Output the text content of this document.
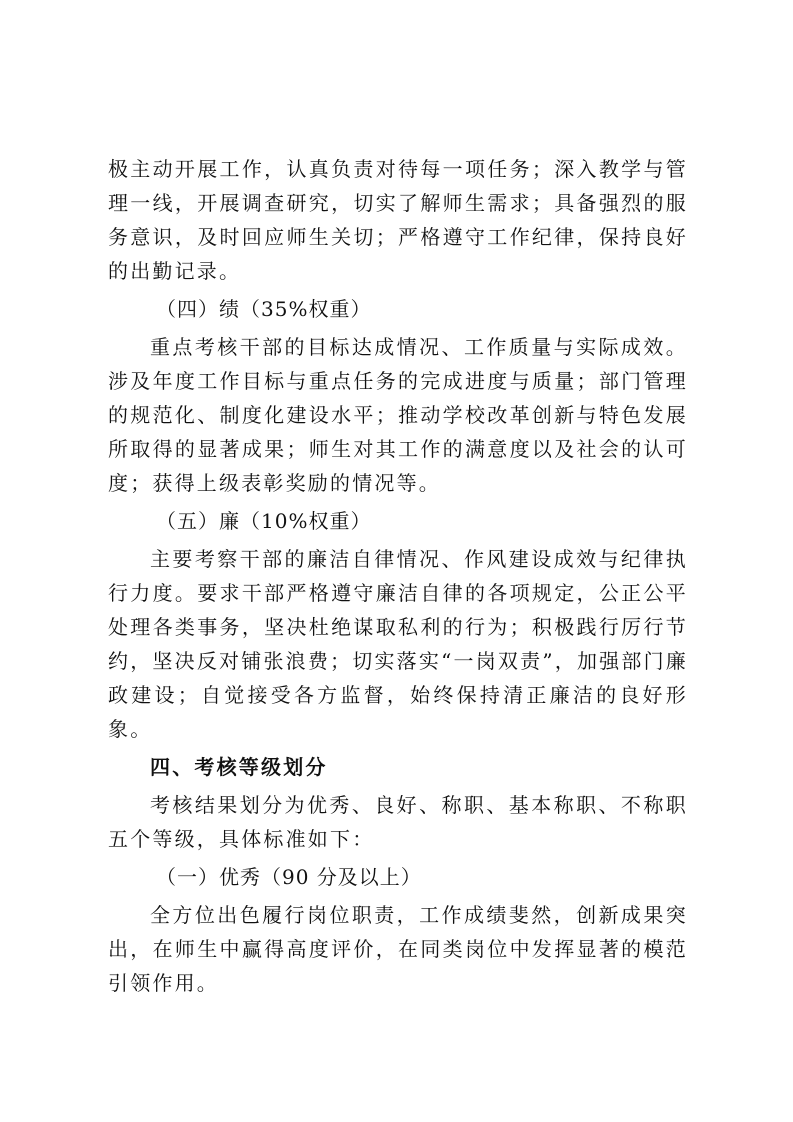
极主动开展工作，认真负责对待每一项任务；深入教学与管理一线，开展调查研究，切实了解师生需求；具备强烈的服务意识，及时回应师生关切；严格遵守工作纪律，保持良好的出勤记录。

（四）绩（35%权重）

重点考核干部的目标达成情况、工作质量与实际成效。涉及年度工作目标与重点任务的完成进度与质量；部门管理的规范化、制度化建设水平；推动学校改革创新与特色发展所取得的显著成果；师生对其工作的满意度以及社会的认可度；获得上级表彰奖励的情况等。

（五）廉（10%权重）

主要考察干部的廉洁自律情况、作风建设成效与纪律执行力度。要求干部严格遵守廉洁自律的各项规定，公正公平处理各类事务，坚决杜绝谋取私利的行为；积极践行厉行节约，坚决反对铺张浪费；切实落实“一岗双责”，加强部门廉政建设；自觉接受各方监督，始终保持清正廉洁的良好形象。

四、考核等级划分

考核结果划分为优秀、良好、称职、基本称职、不称职五个等级，具体标准如下：

（一）优秀（90 分及以上）

全方位出色履行岗位职责，工作成绩斐然，创新成果突出，在师生中赢得高度评价，在同类岗位中发挥显著的模范引领作用。
